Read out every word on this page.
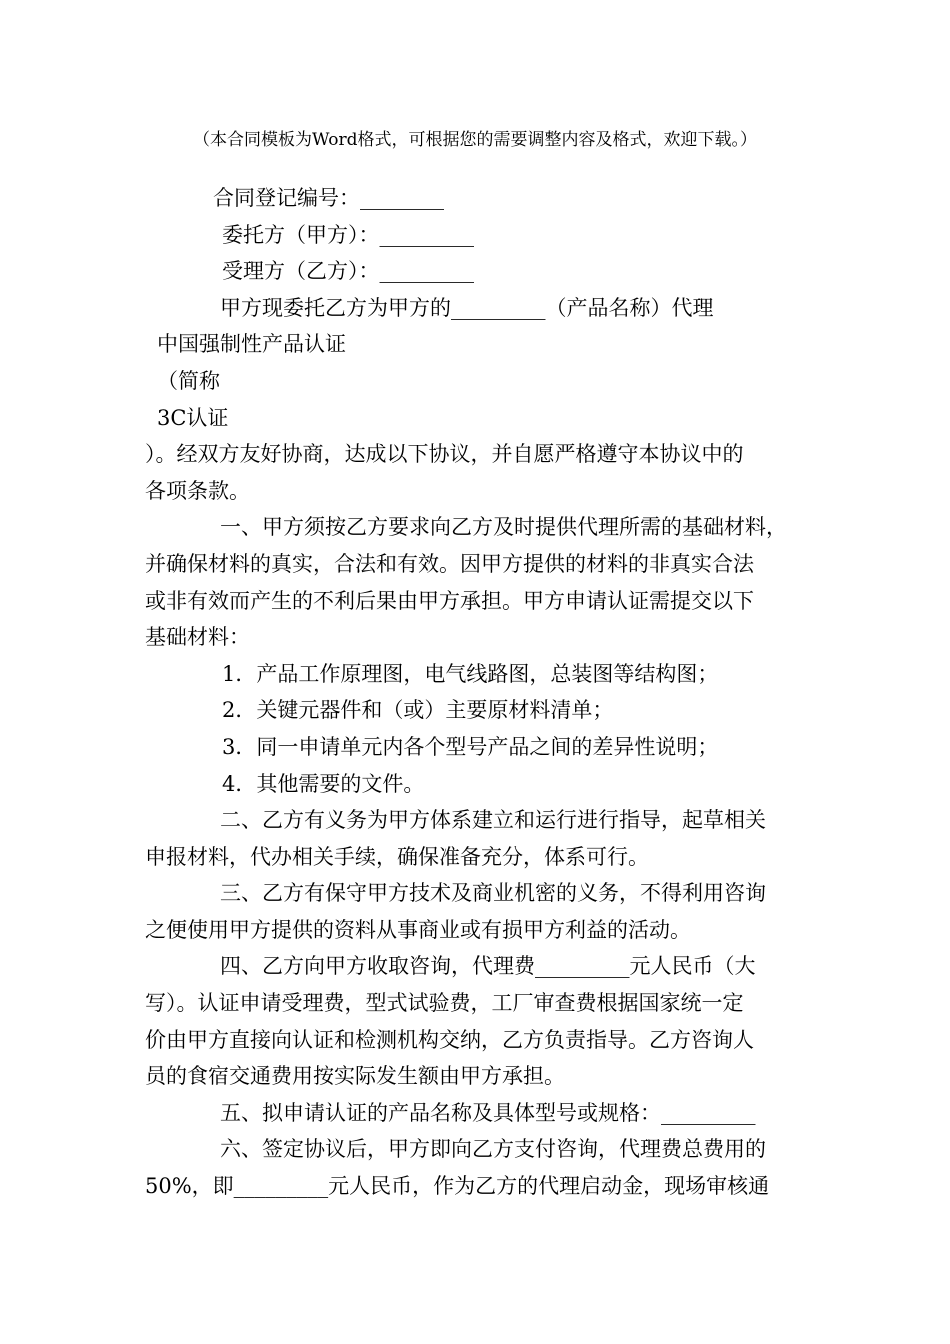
（本合同模板为Word格式，可根据您的需要调整内容及格式，欢迎下载。）
合同登记编号：________
委托方（甲方）：_________
受理方（乙方）：_________
甲方现委托乙方为甲方的_________（产品名称）代理
中国强制性产品认证
（简称
3C认证
）。经双方友好协商，达成以下协议，并自愿严格遵守本协议中的
各项条款。
一、甲方须按乙方要求向乙方及时提供代理所需的基础材料，
并确保材料的真实，合法和有效。因甲方提供的材料的非真实合法
或非有效而产生的不利后果由甲方承担。甲方申请认证需提交以下
基础材料：
1．产品工作原理图，电气线路图，总装图等结构图；
2．关键元器件和（或）主要原材料清单；
3．同一申请单元内各个型号产品之间的差异性说明；
4．其他需要的文件。
二、乙方有义务为甲方体系建立和运行进行指导，起草相关
申报材料，代办相关手续，确保准备充分，体系可行。
三、乙方有保守甲方技术及商业机密的义务，不得利用咨询
之便使用甲方提供的资料从事商业或有损甲方利益的活动。
四、乙方向甲方收取咨询，代理费_________元人民币（大
写）。认证申请受理费，型式试验费，工厂审查费根据国家统一定
价由甲方直接向认证和检测机构交纳，乙方负责指导。乙方咨询人
员的食宿交通费用按实际发生额由甲方承担。
五、拟申请认证的产品名称及具体型号或规格：_________
六、签定协议后，甲方即向乙方支付咨询，代理费总费用的
50%，即_________元人民币，作为乙方的代理启动金，现场审核通
